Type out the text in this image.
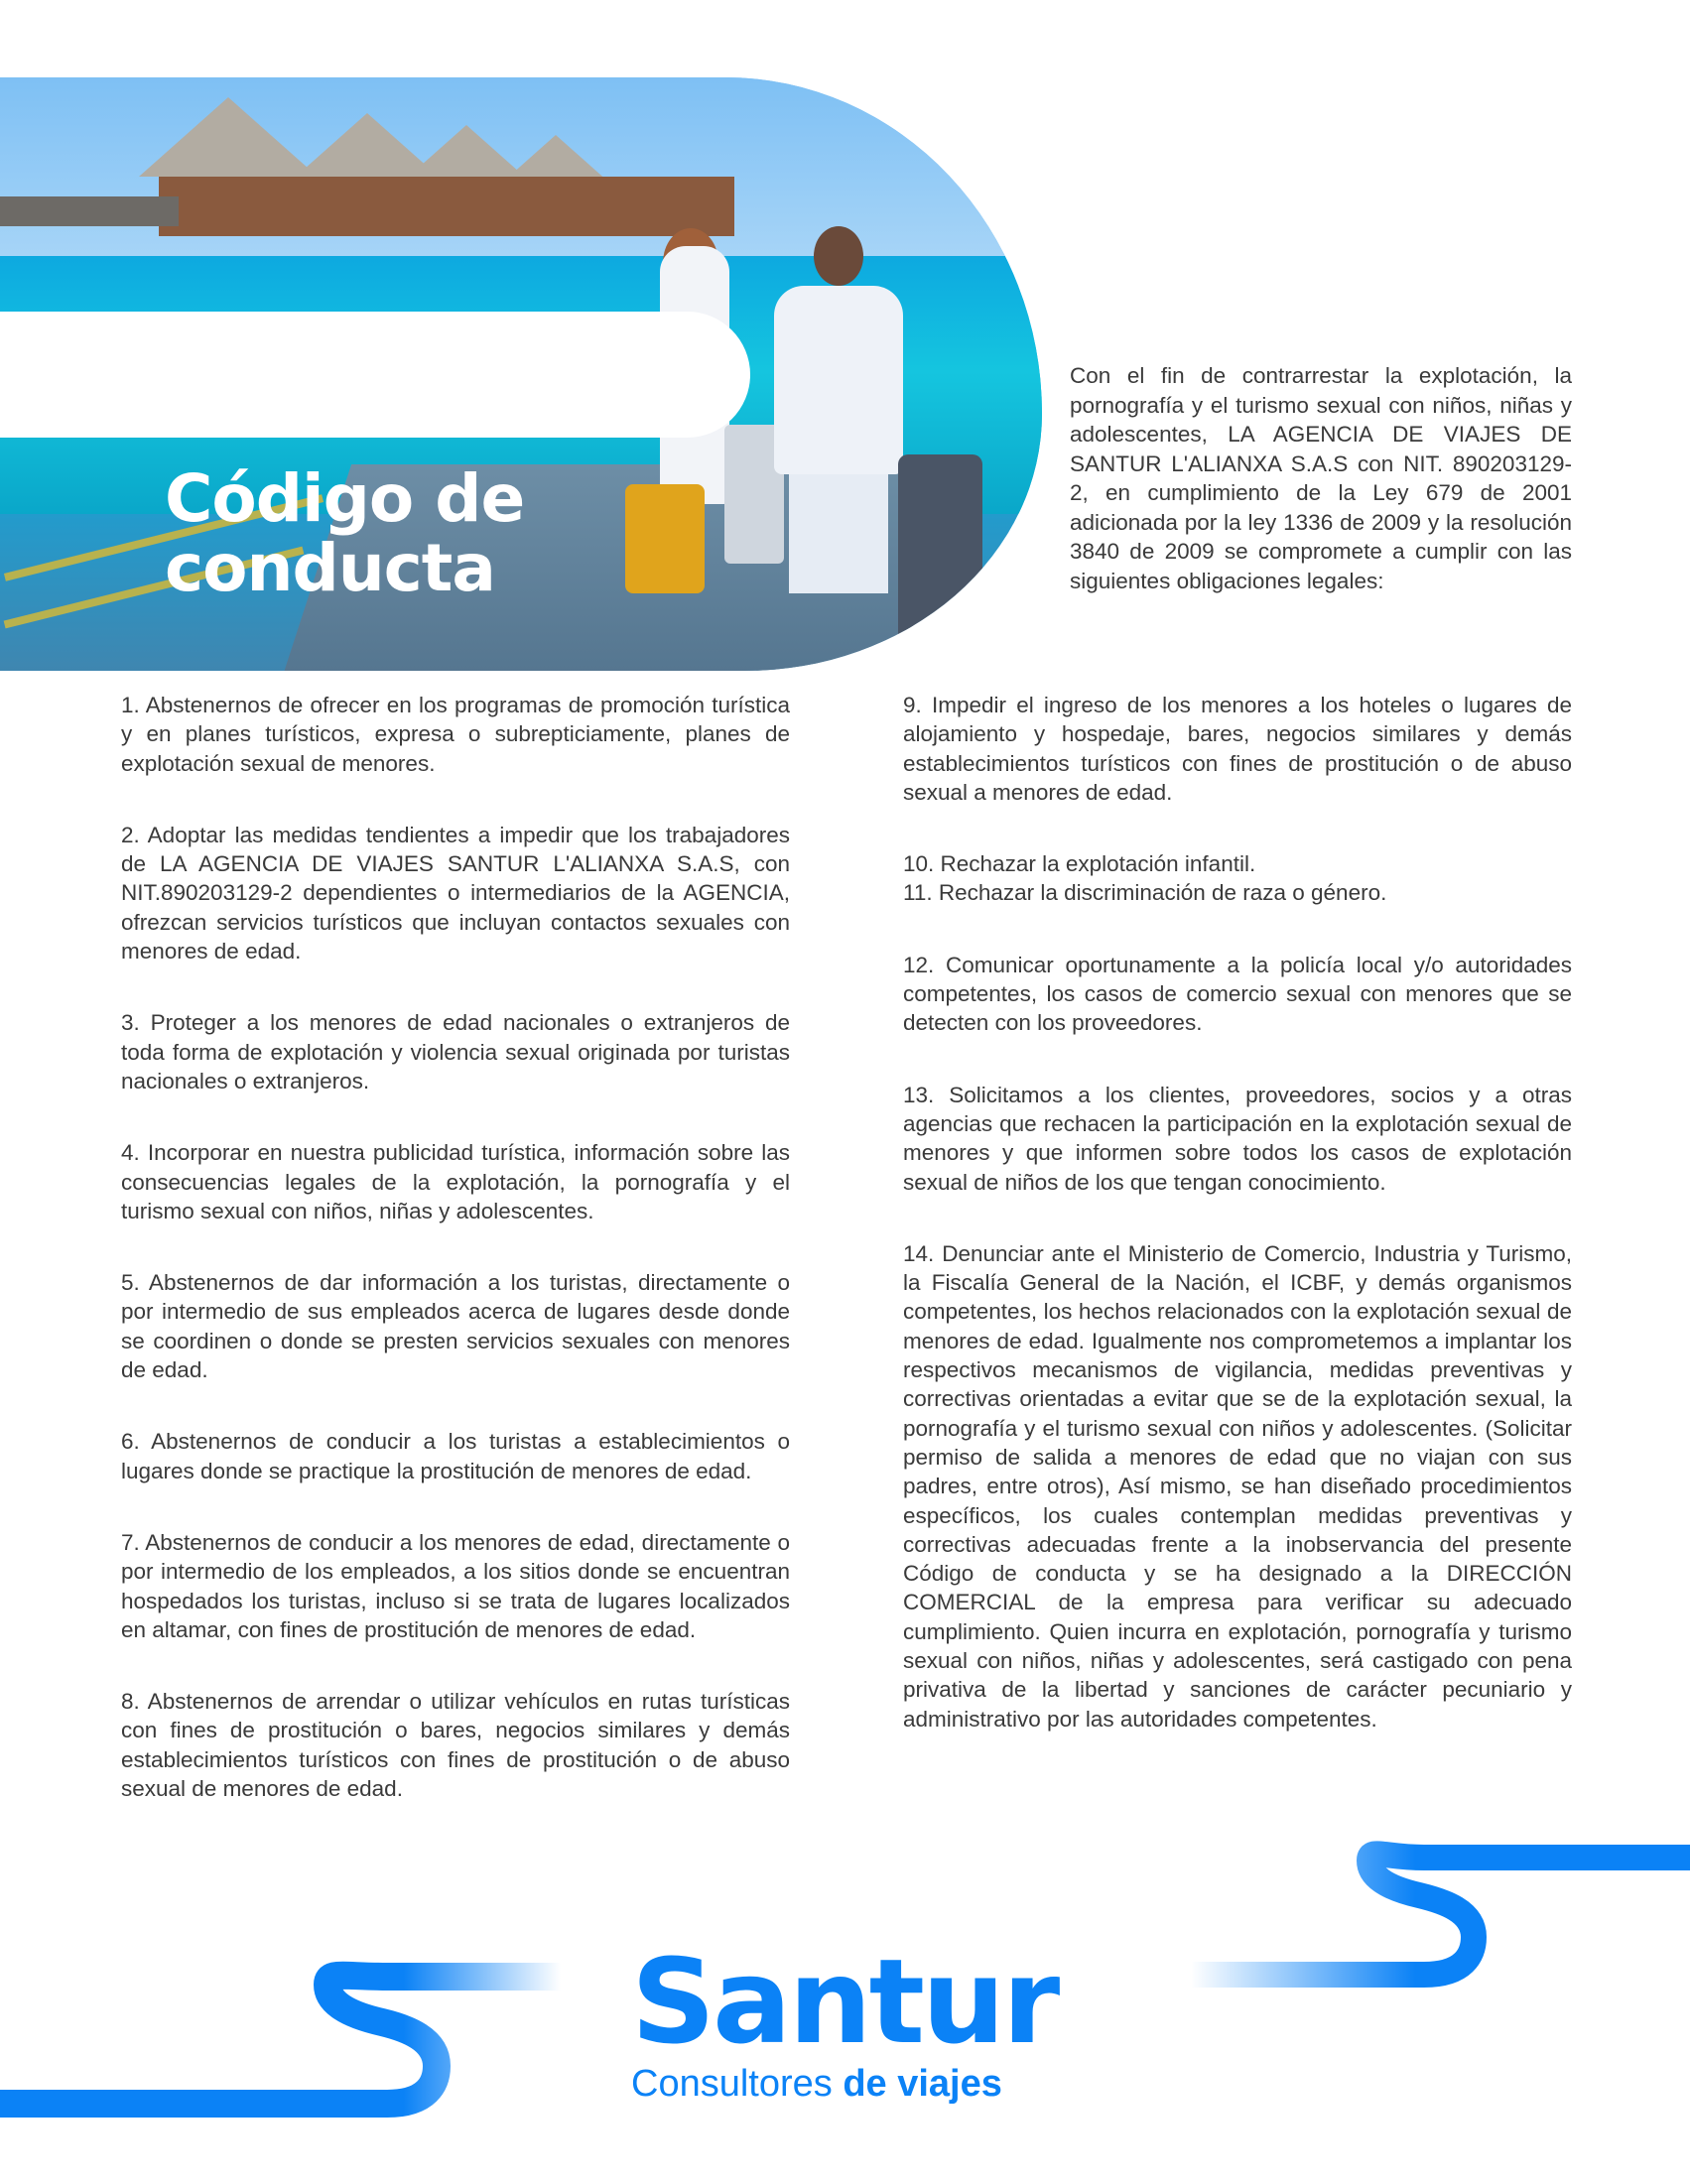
Código de
conducta

Con el fin de contrarrestar la explotación, la pornografía y el turismo sexual con niños, niñas y adolescentes, LA AGENCIA DE VIAJES DE SANTUR L'ALIANXA S.A.S con NIT. 890203129-2, en cumplimiento de la Ley 679 de 2001 adicionada por la ley 1336 de 2009 y la resolución 3840 de 2009 se compromete a cumplir con las siguientes obligaciones legales:

1. Abstenernos de ofrecer en los programas de promoción turística y en planes turísticos, expresa o subrepticiamente, planes de explotación sexual de menores.

2. Adoptar las medidas tendientes a impedir que los trabajadores de LA AGENCIA DE VIAJES SANTUR L'ALIANXA S.A.S, con NIT.890203129-2 dependientes o intermediarios de la AGENCIA, ofrezcan servicios turísticos que incluyan contactos sexuales con menores de edad.

3. Proteger a los menores de edad nacionales o extranjeros de toda forma de explotación y violencia sexual originada por turistas nacionales o extranjeros.

4. Incorporar en nuestra publicidad turística, información sobre las consecuencias legales de la explotación, la pornografía y el turismo sexual con niños, niñas y adolescentes.

5. Abstenernos de dar información a los turistas, directamente o por intermedio de sus empleados acerca de lugares desde donde se coordinen o donde se presten servicios sexuales con menores de edad.

6. Abstenernos de conducir a los turistas a establecimientos o lugares donde se practique la prostitución de menores de edad.

7. Abstenernos de conducir a los menores de edad, directamente o por intermedio de los empleados, a los sitios donde se encuentran hospedados los turistas, incluso si se trata de lugares localizados en altamar, con fines de prostitución de menores de edad.

8. Abstenernos de arrendar o utilizar vehículos en rutas turísticas con fines de prostitución o bares, negocios similares y demás establecimientos turísticos con fines de prostitución o de abuso sexual de menores de edad.

9. Impedir el ingreso de los menores a los hoteles o lugares de alojamiento y hospedaje, bares, negocios similares y demás establecimientos turísticos con fines de prostitución o de abuso sexual a menores de edad.

10. Rechazar la explotación infantil.

11. Rechazar la discriminación de raza o género.

12. Comunicar oportunamente a la policía local y/o autoridades competentes, los casos de comercio sexual con menores que se detecten con los proveedores.

13. Solicitamos a los clientes, proveedores, socios y a otras agencias que rechacen la participación en la explotación sexual de menores y que informen sobre todos los casos de explotación sexual de niños de los que tengan conocimiento.

14. Denunciar ante el Ministerio de Comercio, Industria y Turismo, la Fiscalía General de la Nación, el ICBF, y demás organismos competentes, los hechos relacionados con la explotación sexual de menores de edad. Igualmente nos comprometemos a implantar los respectivos mecanismos de vigilancia, medidas preventivas y correctivas orientadas a evitar que se de la explotación sexual, la pornografía y el turismo sexual con niños y adolescentes. (Solicitar permiso de salida a menores de edad que no viajan con sus padres, entre otros), Así mismo, se han diseñado procedimientos específicos, los cuales contemplan medidas preventivas y correctivas adecuadas frente a la inobservancia del presente Código de conducta y se ha designado a la DIRECCIÓN COMERCIAL de la empresa para verificar su adecuado cumplimiento. Quien incurra en explotación, pornografía y turismo sexual con niños, niñas y adolescentes, será castigado con pena privativa de la libertad y sanciones de carácter pecuniario y administrativo por las autoridades competentes.

Santur
Consultores de viajes
